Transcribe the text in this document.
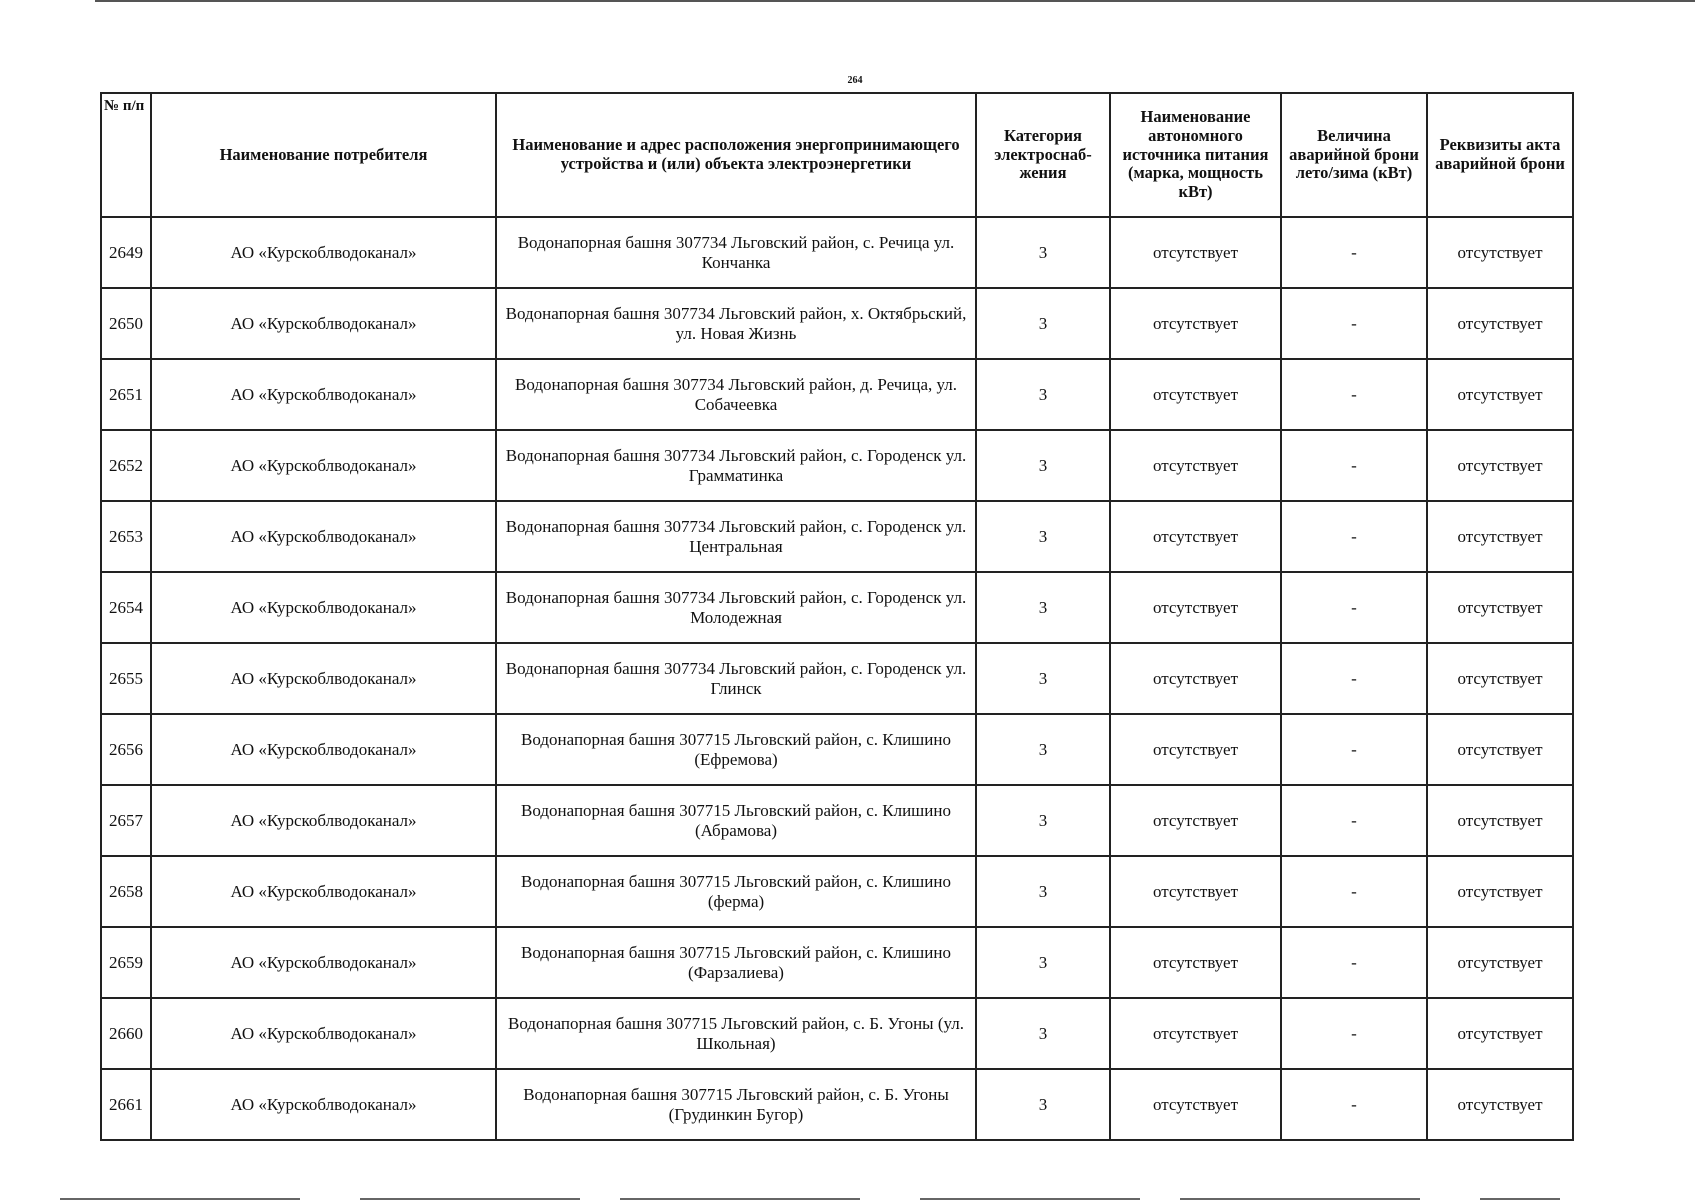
264
№ п/п	Наименование потребителя	Наименование и адрес расположения энергопринимающего устройства и (или) объекта электроэнергетики	Категория электроснаб-жения	Наименование автономного источника питания (марка, мощность кВт)	Величина аварийной брони лето/зима (кВт)	Реквизиты акта аварийной брони
2649	АО «Курскоблводоканал»	Водонапорная башня 307734 Льговский район, с. Речица ул. Кончанка	3	отсутствует	-	отсутствует
2650	АО «Курскоблводоканал»	Водонапорная башня 307734 Льговский район, х. Октябрьский, ул. Новая Жизнь	3	отсутствует	-	отсутствует
2651	АО «Курскоблводоканал»	Водонапорная башня 307734 Льговский район, д. Речица, ул. Собачеевка	3	отсутствует	-	отсутствует
2652	АО «Курскоблводоканал»	Водонапорная башня 307734 Льговский район, с. Городенск ул. Грамматинка	3	отсутствует	-	отсутствует
2653	АО «Курскоблводоканал»	Водонапорная башня 307734 Льговский район, с. Городенск ул. Центральная	3	отсутствует	-	отсутствует
2654	АО «Курскоблводоканал»	Водонапорная башня 307734 Льговский район, с. Городенск ул. Молодежная	3	отсутствует	-	отсутствует
2655	АО «Курскоблводоканал»	Водонапорная башня 307734 Льговский район, с. Городенск ул. Глинск	3	отсутствует	-	отсутствует
2656	АО «Курскоблводоканал»	Водонапорная башня 307715 Льговский район, с. Клишино (Ефремова)	3	отсутствует	-	отсутствует
2657	АО «Курскоблводоканал»	Водонапорная башня 307715 Льговский район, с. Клишино (Абрамова)	3	отсутствует	-	отсутствует
2658	АО «Курскоблводоканал»	Водонапорная башня 307715 Льговский район, с. Клишино (ферма)	3	отсутствует	-	отсутствует
2659	АО «Курскоблводоканал»	Водонапорная башня 307715 Льговский район, с. Клишино (Фарзалиева)	3	отсутствует	-	отсутствует
2660	АО «Курскоблводоканал»	Водонапорная башня 307715 Льговский район, с. Б. Угоны (ул. Школьная)	3	отсутствует	-	отсутствует
2661	АО «Курскоблводоканал»	Водонапорная башня 307715 Льговский район, с. Б. Угоны (Грудинкин Бугор)	3	отсутствует	-	отсутствует
